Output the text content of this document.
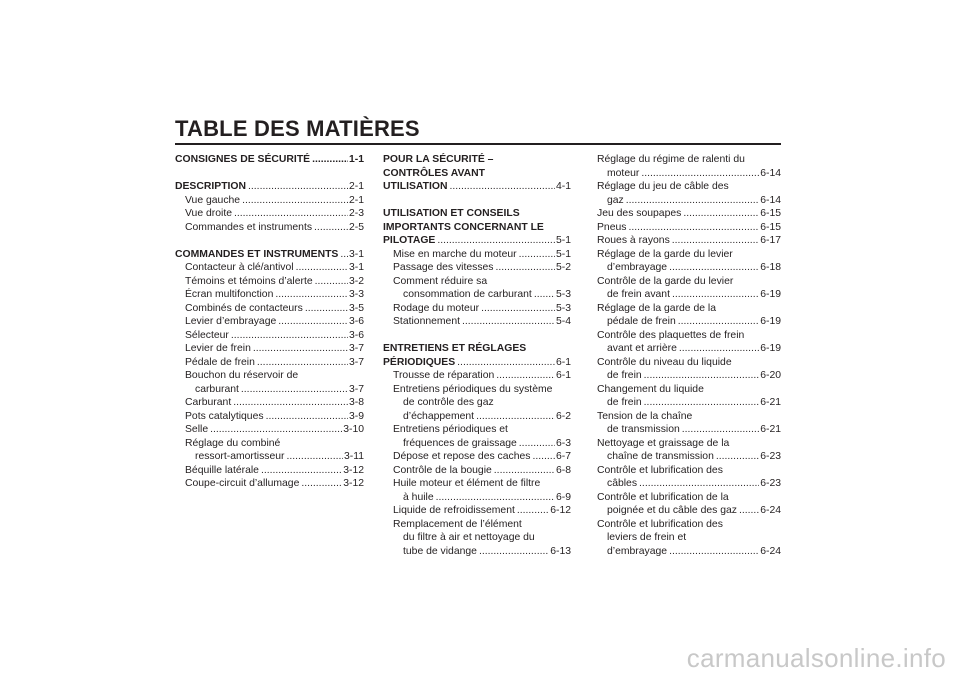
TABLE DES MATIÈRES
CONSIGNES DE SÉCURITÉ .....	1-1
DESCRIPTION .....	2-1
Vue gauche .....	2-1
Vue droite .....	2-3
Commandes et instruments .....	2-5
COMMANDES ET INSTRUMENTS ..... 3-1
Contacteur à clé/antivol .....	3-1
Témoins et témoins d’alerte .....	3-2
Écran multifonction .....	3-3
Combinés de contacteurs .....	3-5
Levier d’embrayage .....	3-6
Sélecteur .....	3-6
Levier de frein .....	3-7
Pédale de frein .....	3-7
Bouchon du réservoir de
carburant .....	3-7
Carburant .....	3-8
Pots catalytiques .....	3-9
Selle .....	3-10
Réglage du combiné
ressort-amortisseur .....	3-11
Béquille latérale .....	3-12
Coupe-circuit d’allumage .....	3-12
POUR LA SÉCURITÉ –
CONTRÔLES AVANT
UTILISATION .....	4-1
UTILISATION ET CONSEILS
IMPORTANTS CONCERNANT LE
PILOTAGE .....	5-1
Mise en marche du moteur .....	5-1
Passage des vitesses .....	5-2
Comment réduire sa
consommation de carburant ..... 5-3
Rodage du moteur .....	5-3
Stationnement .....	5-4
ENTRETIENS ET RÉGLAGES
PÉRIODIQUES .....	6-1
Trousse de réparation .....	6-1
Entretiens périodiques du système
de contrôle des gaz
d’échappement .....	6-2
Entretiens périodiques et
fréquences de graissage .....	6-3
Dépose et repose des caches ..... 6-7
Contrôle de la bougie .....	6-8
Huile moteur et élément de filtre
à huile .....	6-9
Liquide de refroidissement .....	6-12
Remplacement de l’élément
du filtre à air et nettoyage du
tube de vidange .....	6-13
Réglage du régime de ralenti du
moteur .....	6-14
Réglage du jeu de câble des
gaz .....	6-14
Jeu des soupapes .....	6-15
Pneus .....	6-15
Roues à rayons .....	6-17
Réglage de la garde du levier
d’embrayage .....	6-18
Contrôle de la garde du levier
de frein avant .....	6-19
Réglage de la garde de la
pédale de frein .....	6-19
Contrôle des plaquettes de frein
avant et arrière .....	6-19
Contrôle du niveau du liquide
de frein .....	6-20
Changement du liquide
de frein .....	6-21
Tension de la chaîne
de transmission .....	6-21
Nettoyage et graissage de la
chaîne de transmission .....	6-23
Contrôle et lubrification des
câbles .....	6-23
Contrôle et lubrification de la
poignée et du câble des gaz ..... 6-24
Contrôle et lubrification des
leviers de frein et
d’embrayage .....	6-24
carmanualsonline.info
